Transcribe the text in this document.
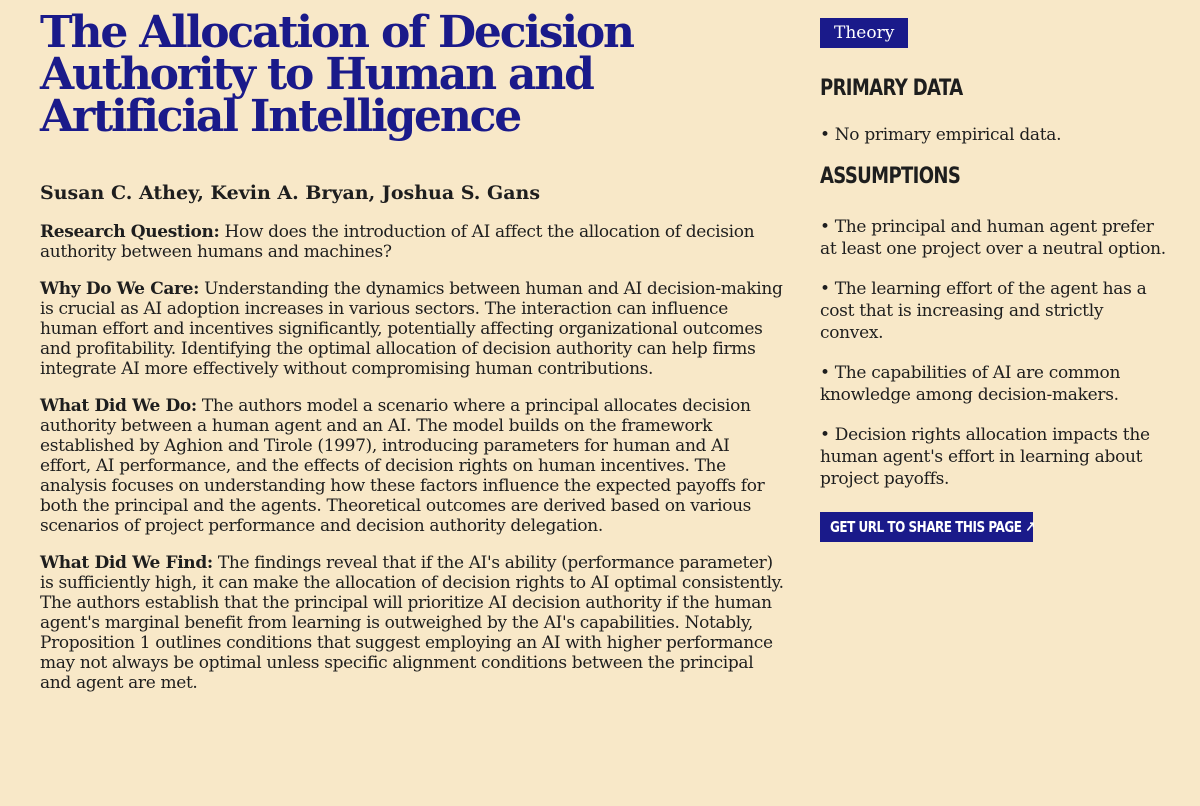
The Allocation of Decision Authority to Human and Artificial Intelligence
Susan C. Athey, Kevin A. Bryan, Joshua S. Gans

Research Question: How does the introduction of AI affect the allocation of decision authority between humans and machines?

Why Do We Care: Understanding the dynamics between human and AI decision-making is crucial as AI adoption increases in various sectors. The interaction can influence human effort and incentives significantly, potentially affecting organizational outcomes and profitability. Identifying the optimal allocation of decision authority can help firms integrate AI more effectively without compromising human contributions.

What Did We Do: The authors model a scenario where a principal allocates decision authority between a human agent and an AI. The model builds on the framework established by Aghion and Tirole (1997), introducing parameters for human and AI effort, AI performance, and the effects of decision rights on human incentives. The analysis focuses on understanding how these factors influence the expected payoffs for both the principal and the agents. Theoretical outcomes are derived based on various scenarios of project performance and decision authority delegation.

What Did We Find: The findings reveal that if the AI's ability (performance parameter) is sufficiently high, it can make the allocation of decision rights to AI optimal consistently. The authors establish that the principal will prioritize AI decision authority if the human agent's marginal benefit from learning is outweighed by the AI's capabilities. Notably, Proposition 1 outlines conditions that suggest employing an AI with higher performance may not always be optimal unless specific alignment conditions between the principal and agent are met.

Theory
PRIMARY DATA
• No primary empirical data.
ASSUMPTIONS
• The principal and human agent prefer at least one project over a neutral option.
• The learning effort of the agent has a cost that is increasing and strictly convex.
• The capabilities of AI are common knowledge among decision-makers.
• Decision rights allocation impacts the human agent's effort in learning about project payoffs.
GET URL TO SHARE THIS PAGE ↗
